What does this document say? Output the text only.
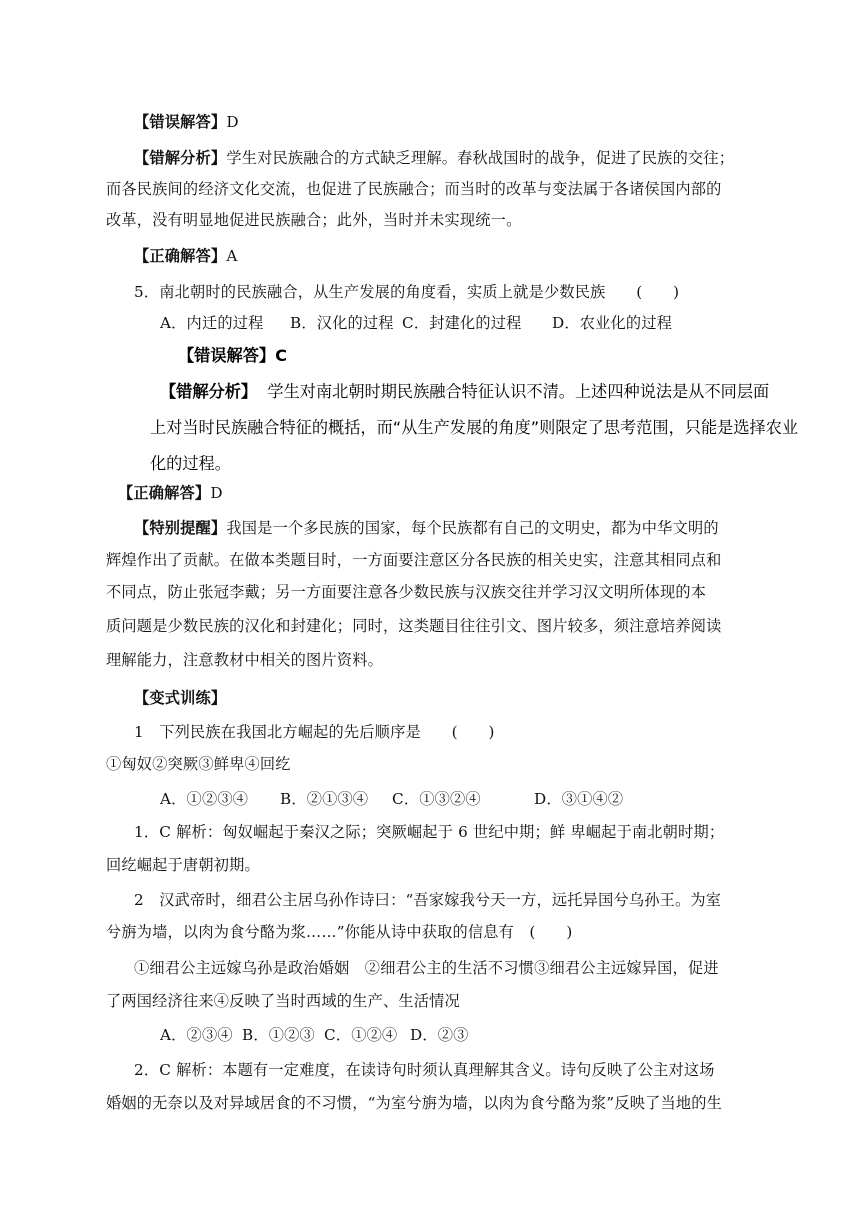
【错误解答】D
【错解分析】学生对民族融合的方式缺乏理解。春秋战国时的战争，促进了民族的交往；
而各民族间的经济文化交流，也促进了民族融合；而当时的改革与变法属于各诸侯国内部的
改革，没有明显地促进民族融合；此外，当时并未实现统一。
【正确解答】A
5．南北朝时的民族融合，从生产发展的角度看，实质上就是少数民族　　(　　)
A．内迁的过程 B．汉化的过程 C．封建化的过程 D．农业化的过程
【错误解答】C
【错解分析】 学生对南北朝时期民族融合特征认识不清。上述四种说法是从不同层面
上对当时民族融合特征的概括，而“从生产发展的角度”则限定了思考范围，只能是选择农业
化的过程。
【正确解答】D
【特别提醒】我国是一个多民族的国家，每个民族都有自己的文明史，都为中华文明的
辉煌作出了贡献。在做本类题目时，一方面要注意区分各民族的相关史实，注意其相同点和
不同点，防止张冠李戴；另一方面要注意各少数民族与汉族交往并学习汉文明所体现的本
质问题是少数民族的汉化和封建化；同时，这类题目往往引文、图片较多，须注意培养阅读
理解能力，注意教材中相关的图片资料。
【变式训练】
1　下列民族在我国北方崛起的先后顺序是　　(　　)
①匈奴②突厥③鲜卑④回纥
A．①②③④ B．②①③④ C．①③②④	D．③①④②
1．C 解析：匈奴崛起于秦汉之际；突厥崛起于 6 世纪中期；鲜 卑崛起于南北朝时期；
回纥崛起于唐朝初期。
2　汉武帝时，细君公主居乌孙作诗曰：“吾家嫁我兮天一方，远托异国兮乌孙王。为室
兮旃为墙，以肉为食兮酪为浆……”你能从诗中获取的信息有　(　　)
①细君公主远嫁乌孙是政治婚姻　②细君公主的生活不习惯③细君公主远嫁异国，促进
了两国经济往来④反映了当时西域的生产、生活情况
A．②③④ B．①②③ C．①②④ D．②③
2．C 解析：本题有一定难度，在读诗句时须认真理解其含义。诗句反映了公主对这场
婚姻的无奈以及对异域居食的不习惯，“为室兮旃为墙，以肉为食兮酪为浆”反映了当地的生
